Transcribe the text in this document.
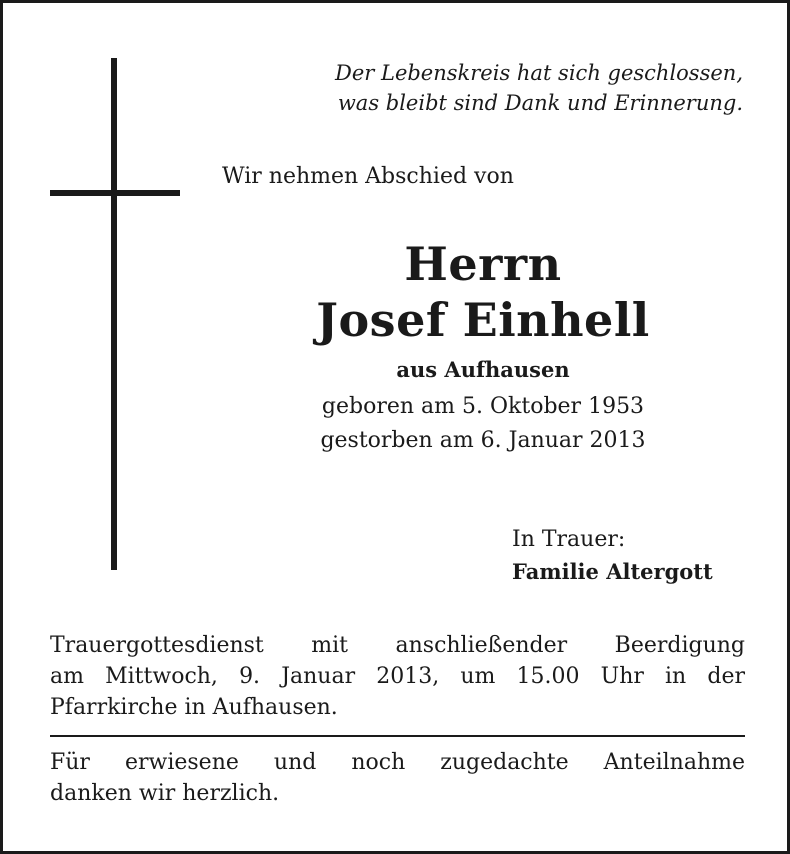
Der Lebenskreis hat sich geschlossen,
was bleibt sind Dank und Erinnerung.
Wir nehmen Abschied von
Herrn
Josef Einhell
aus Aufhausen
geboren am 5. Oktober 1953
gestorben am 6. Januar 2013
In Trauer:
Familie Altergott
Trauergottesdienst mit anschließender Beerdigung
am Mittwoch, 9. Januar 2013, um 15.00 Uhr in der
Pfarrkirche in Aufhausen.
Für erwiesene und noch zugedachte Anteilnahme
danken wir herzlich.
